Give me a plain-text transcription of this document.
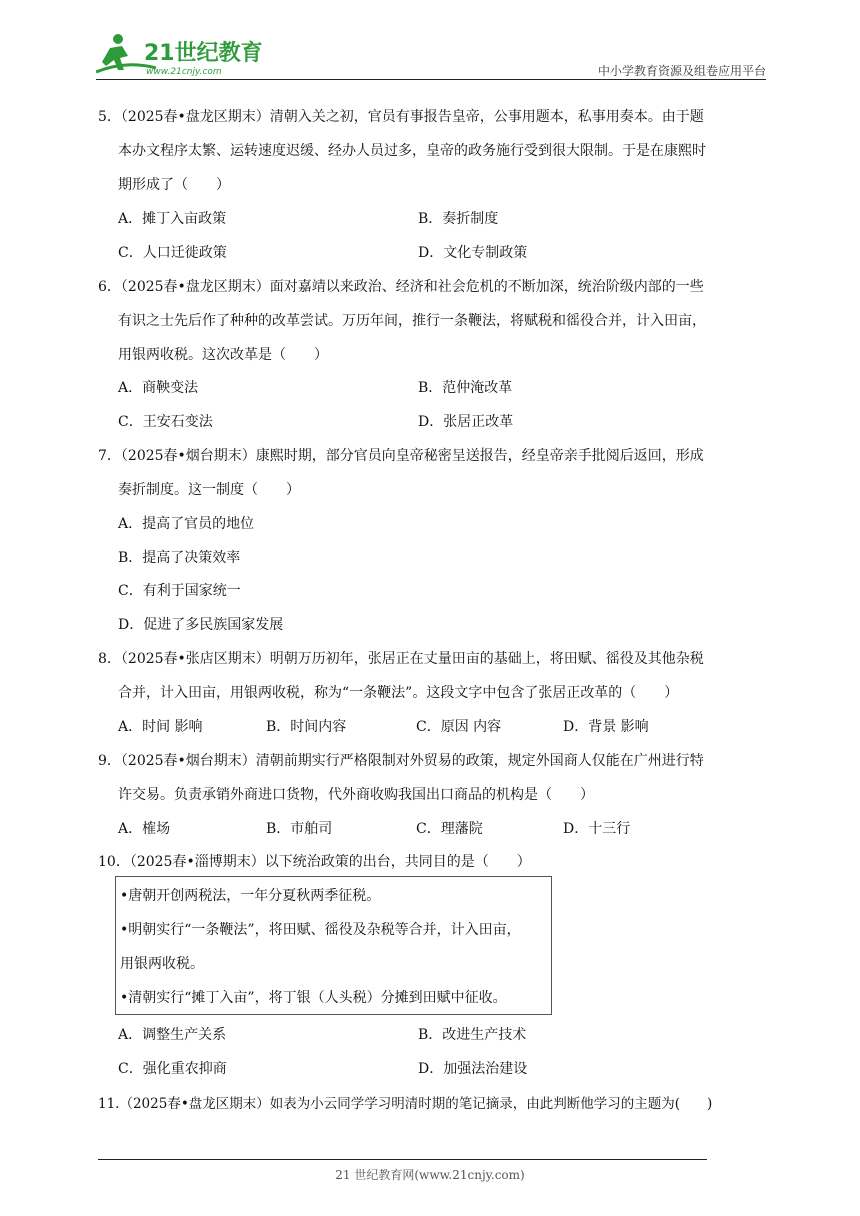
21世纪教育
www.21cnjy.com	中小学教育资源及组卷应用平台
5．（2025春•盘龙区期末）清朝入关之初，官员有事报告皇帝，公事用题本，私事用奏本。由于题
本办文程序太繁、运转速度迟缓、经办人员过多，皇帝的政务施行受到很大限制。于是在康熙时
期形成了（　　）
A．摊丁入亩政策	B．奏折制度
C．人口迁徙政策	D．文化专制政策
6．（2025春•盘龙区期末）面对嘉靖以来政治、经济和社会危机的不断加深，统治阶级内部的一些
有识之士先后作了种种的改革尝试。万历年间，推行一条鞭法，将赋税和徭役合并，计入田亩，
用银两收税。这次改革是（　　）
A．商鞅变法	B．范仲淹改革
C．王安石变法	D．张居正改革
7．（2025春•烟台期末）康熙时期，部分官员向皇帝秘密呈送报告，经皇帝亲手批阅后返回，形成
奏折制度。这一制度（　　）
A．提高了官员的地位
B．提高了决策效率
C．有利于国家统一
D．促进了多民族国家发展
8．（2025春•张店区期末）明朝万历初年，张居正在丈量田亩的基础上，将田赋、徭役及其他杂税
合并，计入田亩，用银两收税，称为“一条鞭法”。这段文字中包含了张居正改革的（　　）
A．时间 影响	B．时间内容	C．原因 内容	D．背景 影响
9．（2025春•烟台期末）清朝前期实行严格限制对外贸易的政策，规定外国商人仅能在广州进行特
许交易。负责承销外商进口货物，代外商收购我国出口商品的机构是（　　）
A．榷场	B．市舶司	C．理藩院	D．十三行
10．（2025春•淄博期末）以下统治政策的出台，共同目的是（　　）
•唐朝开创两税法，一年分夏秋两季征税。
•明朝实行“一条鞭法”，将田赋、徭役及杂税等合并，计入田亩，
用银两收税。
•清朝实行“摊丁入亩”，将丁银（人头税）分摊到田赋中征收。
A．调整生产关系	B．改进生产技术
C．强化重农抑商	D．加强法治建设
11.（2025春•盘龙区期末）如表为小云同学学习明清时期的笔记摘录，由此判断他学习的主题为(　　)
21 世纪教育网(www.21cnjy.com)
